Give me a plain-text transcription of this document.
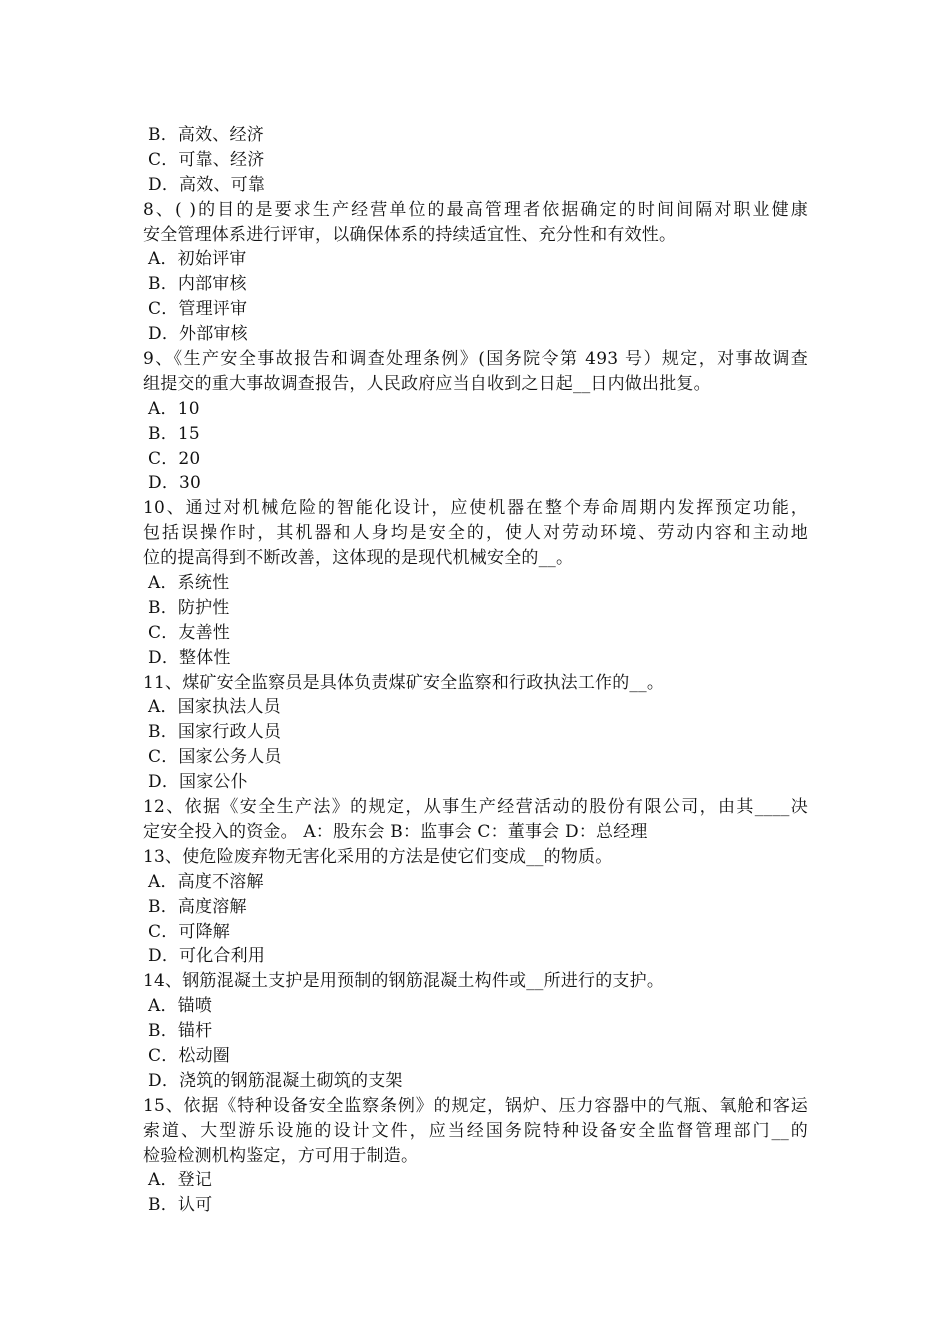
B．高效、经济
C．可靠、经济
D．高效、可靠
8、( )的目的是要求生产经营单位的最高管理者依据确定的时间间隔对职业健康
安全管理体系进行评审，以确保体系的持续适宜性、充分性和有效性。
A．初始评审
B．内部审核
C．管理评审
D．外部审核
9、《生产安全事故报告和调查处理条例》(国务院令第 493 号）规定，对事故调查
组提交的重大事故调查报告，人民政府应当自收到之日起__日内做出批复。
A．10
B．15
C．20
D．30
10、通过对机械危险的智能化设计，应使机器在整个寿命周期内发挥预定功能，
包括误操作时，其机器和人身均是安全的，使人对劳动环境、劳动内容和主动地
位的提高得到不断改善，这体现的是现代机械安全的__。
A．系统性
B．防护性
C．友善性
D．整体性
11、煤矿安全监察员是具体负责煤矿安全监察和行政执法工作的__。
A．国家执法人员
B．国家行政人员
C．国家公务人员
D．国家公仆
12、依据《安全生产法》的规定，从事生产经营活动的股份有限公司，由其____决
定安全投入的资金。 A：股东会 B：监事会 C：董事会 D：总经理
13、使危险废弃物无害化采用的方法是使它们变成__的物质。
A．高度不溶解
B．高度溶解
C．可降解
D．可化合利用
14、钢筋混凝土支护是用预制的钢筋混凝土构件或__所进行的支护。
A．锚喷
B．锚杆
C．松动圈
D．浇筑的钢筋混凝土砌筑的支架
15、依据《特种设备安全监察条例》的规定，锅炉、压力容器中的气瓶、氧舱和客运
索道、大型游乐设施的设计文件，应当经国务院特种设备安全监督管理部门__的
检验检测机构鉴定，方可用于制造。
A．登记
B．认可
